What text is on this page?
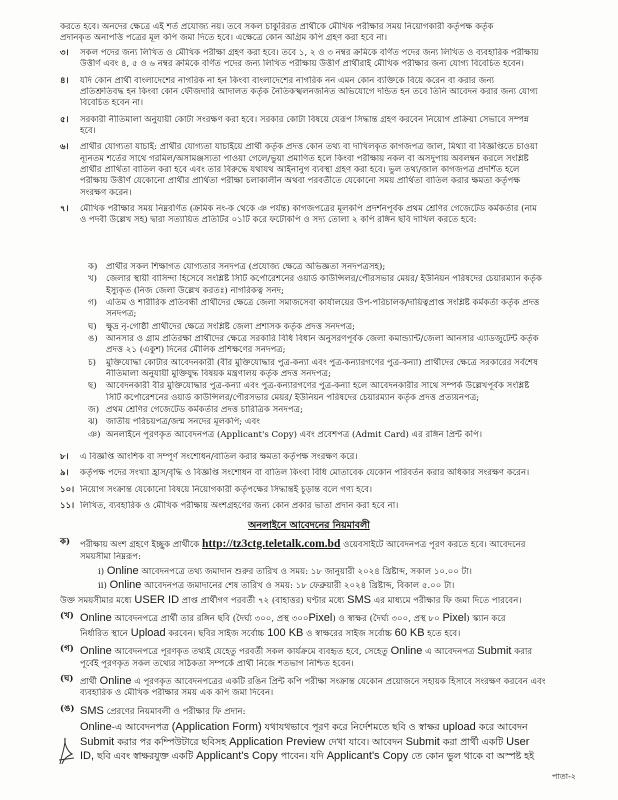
করতে হবে। অনদের ক্ষেত্রে এই শর্ত প্রযোজ্য নয়। তবে সকল চাকুরিরত প্রার্থীকে মৌখিক পরীক্ষার সময় নিয়োগকারী কর্তৃপক্ষ কর্তৃক
প্রদানকৃত অনাপত্তি পত্রের মূল কপি জমা দিতে হবে। এক্ষেত্রে কোন অগ্রিম কপি গ্রহণ করা হবে না।
৩।	সকল পদের জন্য লিখিত ও মৌখিক পরীক্ষা গ্রহণ করা হবে। তবে ১, ২ ও ৩ নম্বর ক্রমিকে বর্ণিত পদের জন্য লিখিত ও ব্যবহারিক পরীক্ষায়
উত্তীর্ণ এবং ৪, ৫ ও ৬ নম্বর ক্রমিকে বর্ণিত পদের জন্য লিখিত পরীক্ষায় উত্তীর্ণ প্রার্থীরাই মৌখিক পরীক্ষার জন্য যোগ্য বিবেচিত হবেন।
৪।	যদি কোন প্রার্থী বাংলাদেশের নাগরিক না হন কিংবা বাংলাদেশের নাগরিক নন এমন কোন ব্যক্তিকে বিয়ে করেন বা করার জন্য
প্রতিশ্রুতিবদ্ধ হন কিংবা কোন ফৌজদারি আদালত কর্তৃক নৈতিকস্খলনজনিত অভিযোগে দন্ডিত হন তবে তিনি আবেদন করার জন্য যোগ্য
বিবেচিত হবেন না।
৫।	সরকারী নীতিমালা অনুযায়ী কোটা সংরক্ষণ করা হবে। সরকার কোটা বিষয়ে যেরূপ সিদ্ধান্ত গ্রহণ করবেন নিয়োগ প্রক্রিয়া সেভাবে সম্পন্ন
হবে।
৬।	প্রার্থীর যোগ্যতা যাচাই: প্রার্থীর যোগ্যতা যাচাইয়ে প্রার্থী কর্তৃক প্রদত্ত কোন তথ্য বা দাখিলকৃত কাগজপত্র জাল, মিথ্যা বা বিজ্ঞপ্তিতে চাওয়া
ন্যূনতম শর্তের সাথে গরমিল/অসামঞ্জস্যতা পাওয়া গেলে/ভুয়া প্রমাণিত হলে কিংবা পরীক্ষায় নকল বা অসদুপায় অবলম্বন করলে সংশ্লিষ্ট
প্রার্থীর প্রার্থিতা বাতিল করা হবে এবং তার বিরুদ্ধে যথাযথ আইনানুগ ব্যবস্থা গ্রহণ করা হবে। ভুল তথ্য/জাল কাগজপত্র প্রদর্শিত হলে
পরীক্ষায় উত্তীর্ণ যেকোনো প্রার্থীর প্রার্থিতা পরীক্ষা চলাকালীন অথবা পরবর্তীতে যেকোনো সময় প্রার্থিতা বাতিল করার ক্ষমতা কর্তৃপক্ষ
সংরক্ষণ করেন।
৭।	মৌখিক পরীক্ষার সময় নিম্নবর্ণিত (ক্রমিক নং-ক থেকে ঞ পর্যন্ত) কাগজপত্রের মূলকপি প্রদর্শনপূর্বক প্রথম শ্রেণির গেজেটেড কর্মকর্তার (নাম
ও পদবী উল্লেখ সহ) দ্বারা সত্যায়িত প্রতিটির ০১টি করে ফটোকপি ও সদ্য তোলা ২ কপি রঙ্গিন ছবি দাখিল করতে হবে:
ক)	প্রার্থীর সকল শিক্ষাগত যোগ্যতার সনদপত্র (প্রযোজ্য ক্ষেত্রে অভিজ্ঞতা সনদপত্রসহ);
খ)	জেলার স্থায়ী বাসিন্দা হিসেবে সংশ্লিষ্ট সিটি কর্পোরেশনের ওয়ার্ড কাউন্সিলর/পৌরসভার মেয়র/ ইউনিয়ন পরিষদের চেয়ারম্যান কর্তৃক
ইস্যুকৃত (নিজ জেলা উল্লেখ করতঃ) নাগরিকত্ব সনদ;
গ)	এতিম ও শারীরিক প্রতিবন্ধী প্রার্থীদের ক্ষেত্রে জেলা সমাজসেবা কার্যালয়ের উপ-পরিচালক/দায়িত্বপ্রাপ্ত সংশ্লিষ্ট কর্মকর্তা কর্তৃক প্রদত্ত
সনদপত্র;
ঘ)	ক্ষুদ্র নৃ-গোষ্ঠী প্রার্থীদের ক্ষেত্রে সংশ্লিষ্ট জেলা প্রশাসক কর্তৃক প্রদত্ত সনদপত্র;
ঙ) আনসার ও গ্রাম প্রতিরক্ষা প্রার্থীদের ক্ষেত্রে সরকারি বিধি বিধান অনুসরণপূর্বক জেলা কমান্ড্যান্ট/জেলা আনসার এ্যাডজুটেন্ট কর্তৃক
প্রদত্ত ২১ (একুশ) দিনের মৌলিক প্রশিক্ষণের সনদপত্র;
চ)	মুক্তিযোদ্ধা কোটার আবেদনকারী (বীর মুক্তিযোদ্ধার পুত্র-কন্যা এবং পুত্র-কন্যারগণের পুত্র-কন্যা) প্রার্থীদের ক্ষেত্রে সরকারের সর্বশেষ
নীতিমালা অনুযায়ী মুক্তিযুদ্ধ বিষয়ক মন্ত্রণালয় কর্তৃক প্রদত্ত সনদপত্র;
ছ)	আবেদনকারী বীর মুক্তিযোদ্ধার পুত্র-কন্যা এবং পুত্র-কন্যারগণের পুত্র-কন্যা হলে আবেদনকারীর সাথে সম্পর্ক উল্লেখপূর্বক সংশ্লিষ্ট
সিটি কর্পোরেশনের ওয়ার্ড কাউন্সিলর/পৌরসভার মেয়র/ ইউনিয়ন পরিষদের চেয়ারম্যান কর্তৃক প্রদত্ত প্রত্যয়নপত্র;
জ) প্রথম শ্রেণির গেজেটেড কর্মকর্তার প্রদত্ত চারিত্রিক সনদপত্র;
ঝ) জাতীয় পরিচয়পত্র/জন্ম সনদের মূলকপি; এবং
ঞ) অনলাইনে পূরণকৃত আবেদনপত্র (Applicant's Copy) এবং প্রবেশপত্র (Admit Card) এর রঙ্গিন প্রিন্ট কপি।
৮।	এ বিজ্ঞপ্তি আংশিক বা সম্পূর্ণ সংশোধন/বাতিল করার ক্ষমতা কর্তৃপক্ষ সংরক্ষণ করে।
৯।	কর্তৃপক্ষ পদের সংখ্যা হ্রাস/বৃদ্ধি ও বিজ্ঞপ্তি সংশোধন বা বাতিল কিংবা বিধি মোতাবেক যেকোন পরিবর্তন করার অধিকার সংরক্ষণ করেন।
১০। নিয়োগ সংক্রান্ত যেকোনো বিষয়ে নিয়োগকারী কর্তৃপক্ষের সিদ্ধান্তই চূড়ান্ত বলে গণ্য হবে।
১১। লিখিত, ব্যবহারিক ও মৌখিক পরীক্ষায় অংশগ্রহণের জন্য কোন প্রকার ভাতা প্রদান করা হবে না।
অনলাইনে আবেদনের নিয়মাবলী
ক)	পরীক্ষায় অংশ গ্রহণে ইচ্ছুক প্রার্থীকে http://tz3ctg.teletalk.com.bd ওয়েবসাইটে আবেদনপত্র পূরণ করতে হবে। আবেদনের
সময়সীমা নিম্নরূপ:
i) Online আবেদনপত্রে তথ্য জমাদান শুরুর তারিখ ও সময়: ১৮ জানুয়ারী ২০২৪ খ্রিষ্টাব্দ, সকাল ১০.০০ টা।
ii) Online আবেদনপত্র জমাদানের শেষ তারিখ ও সময়: ১৮ ফেব্রুয়ারী ২০২৪ খ্রিষ্টাব্দ, বিকাল ৫.০০ টা।
উক্ত সময়সীমার মধ্যে USER ID প্রাপ্ত প্রার্থীগণ পরবর্তী ৭২ (বাহাত্তর) ঘণ্টার মধ্যে SMS এর মাধ্যমে পরীক্ষার ফি জমা দিতে পারবেন।
(খ) Online আবেদনপত্রে প্রার্থী তার রঙ্গিন ছবি (দৈর্ঘ্য ৩০০, প্রস্থ ৩০০Pixel) ও স্বাক্ষর (দৈর্ঘ্য ৩০০, প্রস্থ ৮০ Pixel) স্ক্যান করে
নির্ধারিত স্থানে Upload করবেন। ছবির সাইজ সর্বোচ্চ 100 KB ও স্বাক্ষরের সাইজ সর্বোচ্চ 60 KB হতে হবে।
(গ) Online আবেদনপত্রে পূরণকৃত তথ্যই যেহেতু পরবর্তী সকল কার্যক্রমে ব্যবহৃত হবে, সেহেতু Online এ আবেদনপত্র Submit করার
পূর্বেই পূরণকৃত সকল তথ্যের সঠিকতা সম্পর্কে প্রার্থী নিজে শতভাগ নিশ্চিত হবেন।
(ঘ) প্রার্থী Online এ পূরণকৃত আবেদনপত্রের একটি রঙিন প্রিন্ট কপি পরীক্ষা সংক্রান্ত যেকোন প্রয়োজনে সহায়ক হিসাবে সংরক্ষণ করবেন এবং
ব্যবহারিক ও মৌখিক পরীক্ষার সময় এক কপি জমা দিবেন।
(ঙ) SMS প্রেরণের নিয়মাবলী ও পরীক্ষার ফি প্রদান:
Online-এ আবেদনপত্র (Application Form) যথাযথভাবে পূরণ করে নির্দেশমতে ছবি ও স্বাক্ষর upload করে আবেদন
Submit করার পর কম্পিউটারে ছবিসহ Application Preview দেখা যাবে। আবেদন Submit করা প্রার্থী একটি User
ID, ছবি এবং স্বাক্ষরযুক্ত একটি Applicant's Copy পাবেন। যদি Applicant's Copy তে কোন ভুল থাকে বা অস্পষ্ট হই
পাতা-২
